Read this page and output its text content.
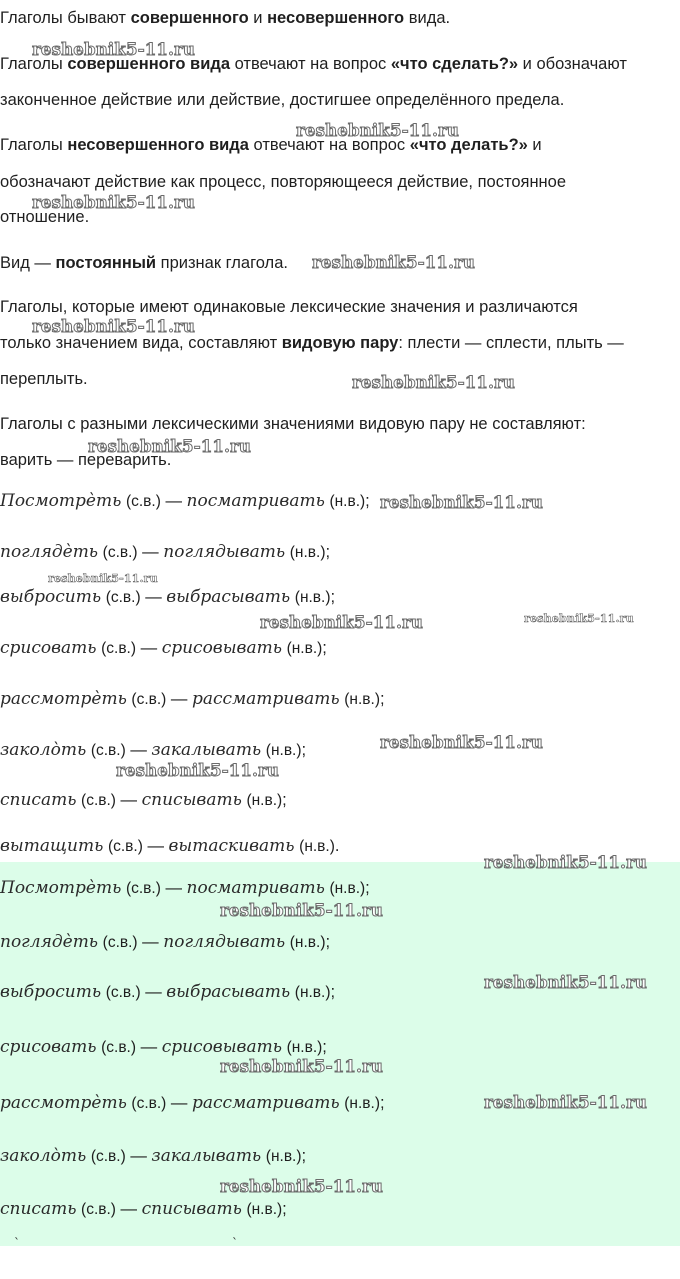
Глаголы бывают совершенного и несовершенного вида.
Глаголы совершенного вида отвечают на вопрос «что сделать?» и обозначают
законченное действие или действие, достигшее определённого предела.
Глаголы несовершенного вида отвечают на вопрос «что делать?» и
обозначают действие как процесс, повторяющееся действие, постоянное
отношение.
Вид — постоянный признак глагола.
Глаголы, которые имеют одинаковые лексические значения и различаются
только значением вида, составляют видовую пару: плести — сплести, плыть —
переплыть.
Глаголы с разными лексическими значениями видовую пару не составляют:
варить — переварить.
Посмотрѐть (с.в.) — посматривать (н.в.);
поглядѐть (с.в.) — поглядывать (н.в.);
выбросить (с.в.) — выбрасывать (н.в.);
срисовать (с.в.) — срисовывать (н.в.);
рассмотрѐть (с.в.) — рассматривать (н.в.);
заколо̀ть (с.в.) — закалывать (н.в.);
списать (с.в.) — списывать (н.в.);
вытащить (с.в.) — вытаскивать (н.в.).
Посмотрѐть (с.в.) — посматривать (н.в.);
поглядѐть (с.в.) — поглядывать (н.в.);
выбросить (с.в.) — выбрасывать (н.в.);
срисовать (с.в.) — срисовывать (н.в.);
рассмотрѐть (с.в.) — рассматривать (н.в.);
заколо̀ть (с.в.) — закалывать (н.в.);
списать (с.в.) — списывать (н.в.);
ˋ	ˋ
reshebnik5-11.ru
reshebnik5-11.ru
reshebnik5-11.ru
reshebnik5-11.ru
reshebnik5-11.ru
reshebnik5-11.ru
reshebnik5-11.ru
reshebnik5-11.ru
reshebnik5-11.ru
reshebnik5-11.ru	reshebnik5-11.ru
reshebnik5-11.ru
reshebnik5-11.ru
reshebnik5-11.ru
reshebnik5-11.ru
reshebnik5-11.ru
reshebnik5-11.ru
reshebnik5-11.ru
reshebnik5-11.ru
